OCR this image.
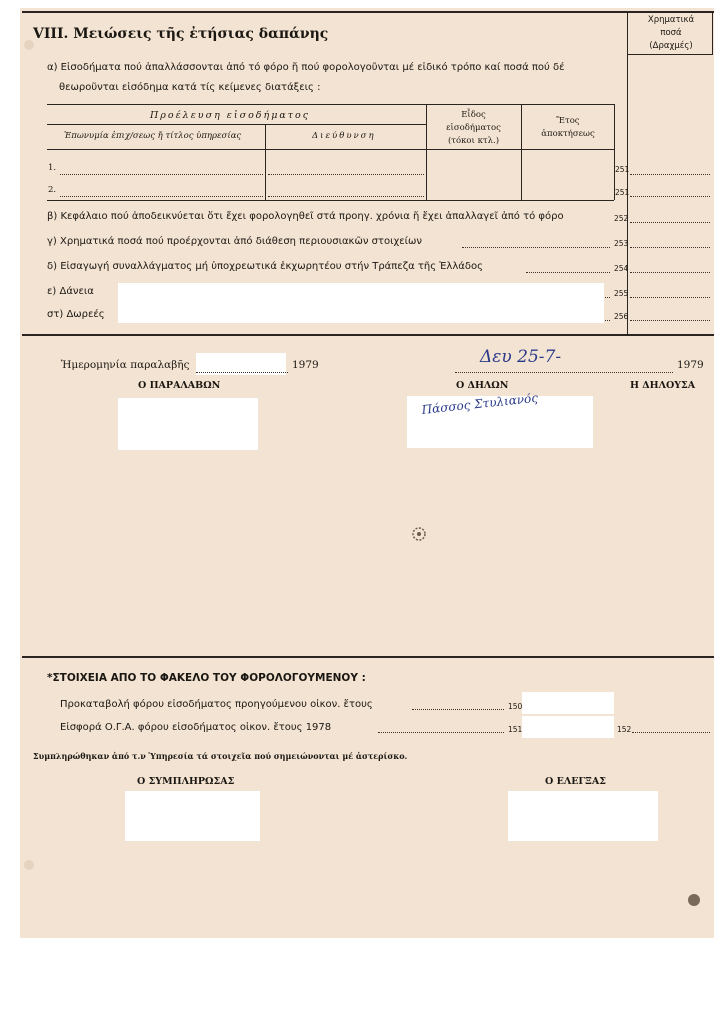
VIII. Μειώσεις τῆς ἐτήσιας δαπάνης
Χρηματικά
ποσά
(Δραχμές)
α) Εἰσοδήματα πού ἀπαλλάσσονται ἀπό τό φόρο ἤ πού φορολογοῦνται μέ εἰδικό τρόπο καί ποσά πού δέ
θεωροῦνται εἰσόδημα κατά τίς κείμενες διατάξεις :
Προέλευση εἰσοδήματος
Ἐπωνυμία ἐπιχ/σεως ἤ τίτλος ὑπηρεσίας	Διεύθυνση
Εἶδος
εἰσοδήματος
(τόκοι κτλ.)
Ἔτος
ἀποκτήσεως
1.	251
2.	251
β) Κεφάλαιο πού ἀποδεικνύεται ὅτι ἔχει φορολογηθεῖ στά προηγ. χρόνια ἤ ἔχει ἀπαλλαγεῖ ἀπό τό φόρο	252
γ) Χρηματικά ποσά πού προέρχονται ἀπό διάθεση περιουσιακῶν στοιχείων	253
δ) Εἰσαγωγή συναλλάγματος μή ὑποχρεωτικά ἐκχωρητέου στήν Τράπεζα τῆς Ἑλλάδος	254
ε) Δάνεια	255
στ) Δωρεές	256
Ἡμερομηνία παραλαβῆς	1979	Δευ 25-7-	1979
Ο ΠΑΡΑΛΑΒΩΝ	Ο ΔΗΛΩΝ	Η ΔΗΛΟΥΣΑ
Πάσσος Στυλιανός
*ΣΤΟΙΧΕΙΑ ΑΠΟ ΤΟ ΦΑΚΕΛΟ ΤΟΥ ΦΟΡΟΛΟΓΟΥΜΕΝΟΥ :
Προκαταβολή φόρου εἰσοδήματος προηγούμενου οἰκον. ἔτους	150
Εἰσφορά Ο.Γ.Α. φόρου εἰσοδήματος οἰκον. ἔτους 1978	151	152
Συμπληρώθηκαν ἀπό τ.ν Ὑπηρεσία τά στοιχεῖα πού σημειώνονται μέ ἀστερίσκο.
Ο ΣΥΜΠΛΗΡΩΣΑΣ	Ο ΕΛΕΓΞΑΣ
